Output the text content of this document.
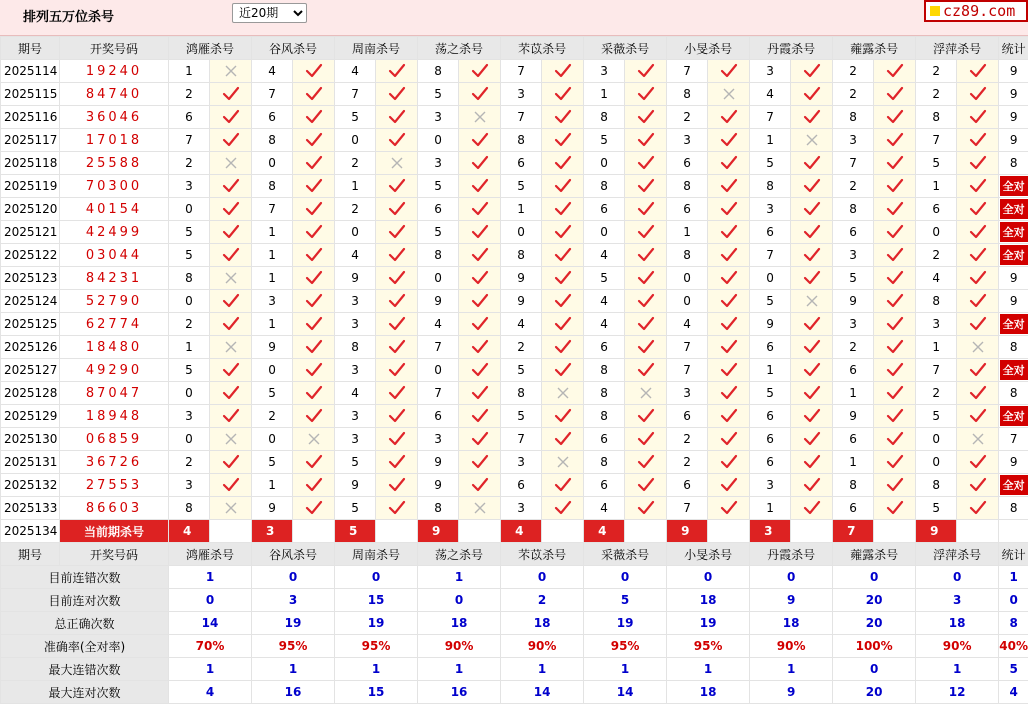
排列五万位杀号
近20期	cz89.com
期号	开奖号码	鸿雁杀号		谷风杀号		周南杀号		荡之杀号		芣苡杀号		采薇杀号		小旻杀号		丹霞杀号		蕹露杀号		浮萍杀号		统计
2025114	19240	1		4		4		8		7		3		7		3		2		2		9
2025115	84740	2		7		7		5		3		1		8		4		2		2		9
2025116	36046	6		6		5		3		7		8		2		7		8		8		9
2025117	17018	7		8		0		0		8		5		3		1		3		7		9
2025118	25588	2		0		2		3		6		0		6		5		7		5		8
2025119	70300	3		8		1		5		5		8		8		8		2		1		全对
2025120	40154	0		7		2		6		1		6		6		3		8		6		全对
2025121	42499	5		1		0		5		0		0		1		6		6		0		全对
2025122	03044	5		1		4		8		8		4		8		7		3		2		全对
2025123	84231	8		1		9		0		9		5		0		0		5		4		9
2025124	52790	0		3		3		9		9		4		0		5		9		8		9
2025125	62774	2		1		3		4		4		4		4		9		3		3		全对
2025126	18480	1		9		8		7		2		6		7		6		2		1		8
2025127	49290	5		0		3		0		5		8		7		1		6		7		全对
2025128	87047	0		5		4		7		8		8		3		5		1		2		8
2025129	18948	3		2		3		6		5		8		6		6		9		5		全对
2025130	06859	0		0		3		3		7		6		2		6		6		0		7
2025131	36726	2		5		5		9		3		8		2		6		1		0		9
2025132	27553	3		1		9		9		6		6		6		3		8		8		全对
2025133	86603	8		9		5		8		3		4		7		1		6		5		8
2025134	当前期杀号	4		3		5		9		4		4		9		3		7		9		
期号	开奖号码	鸿雁杀号		谷风杀号		周南杀号		荡之杀号		芣苡杀号		采薇杀号		小旻杀号		丹霞杀号		蕹露杀号		浮萍杀号		统计
目前连错次数		1		0		0		1		0		0		0		0		0		0		1
目前连对次数		0		3		15		0		2		5		18		9		20		3		0
总正确次数		14		19		19		18		18		19		19		18		20		18		8
准确率(全对率)		70%		95%		95%		90%		90%		95%		95%		90%		100%		90%		40%
最大连错次数		1		1		1		1		1		1		1		1		0		1		5
最大连对次数		4		16		15		16		14		14		18		9		20		12		4
